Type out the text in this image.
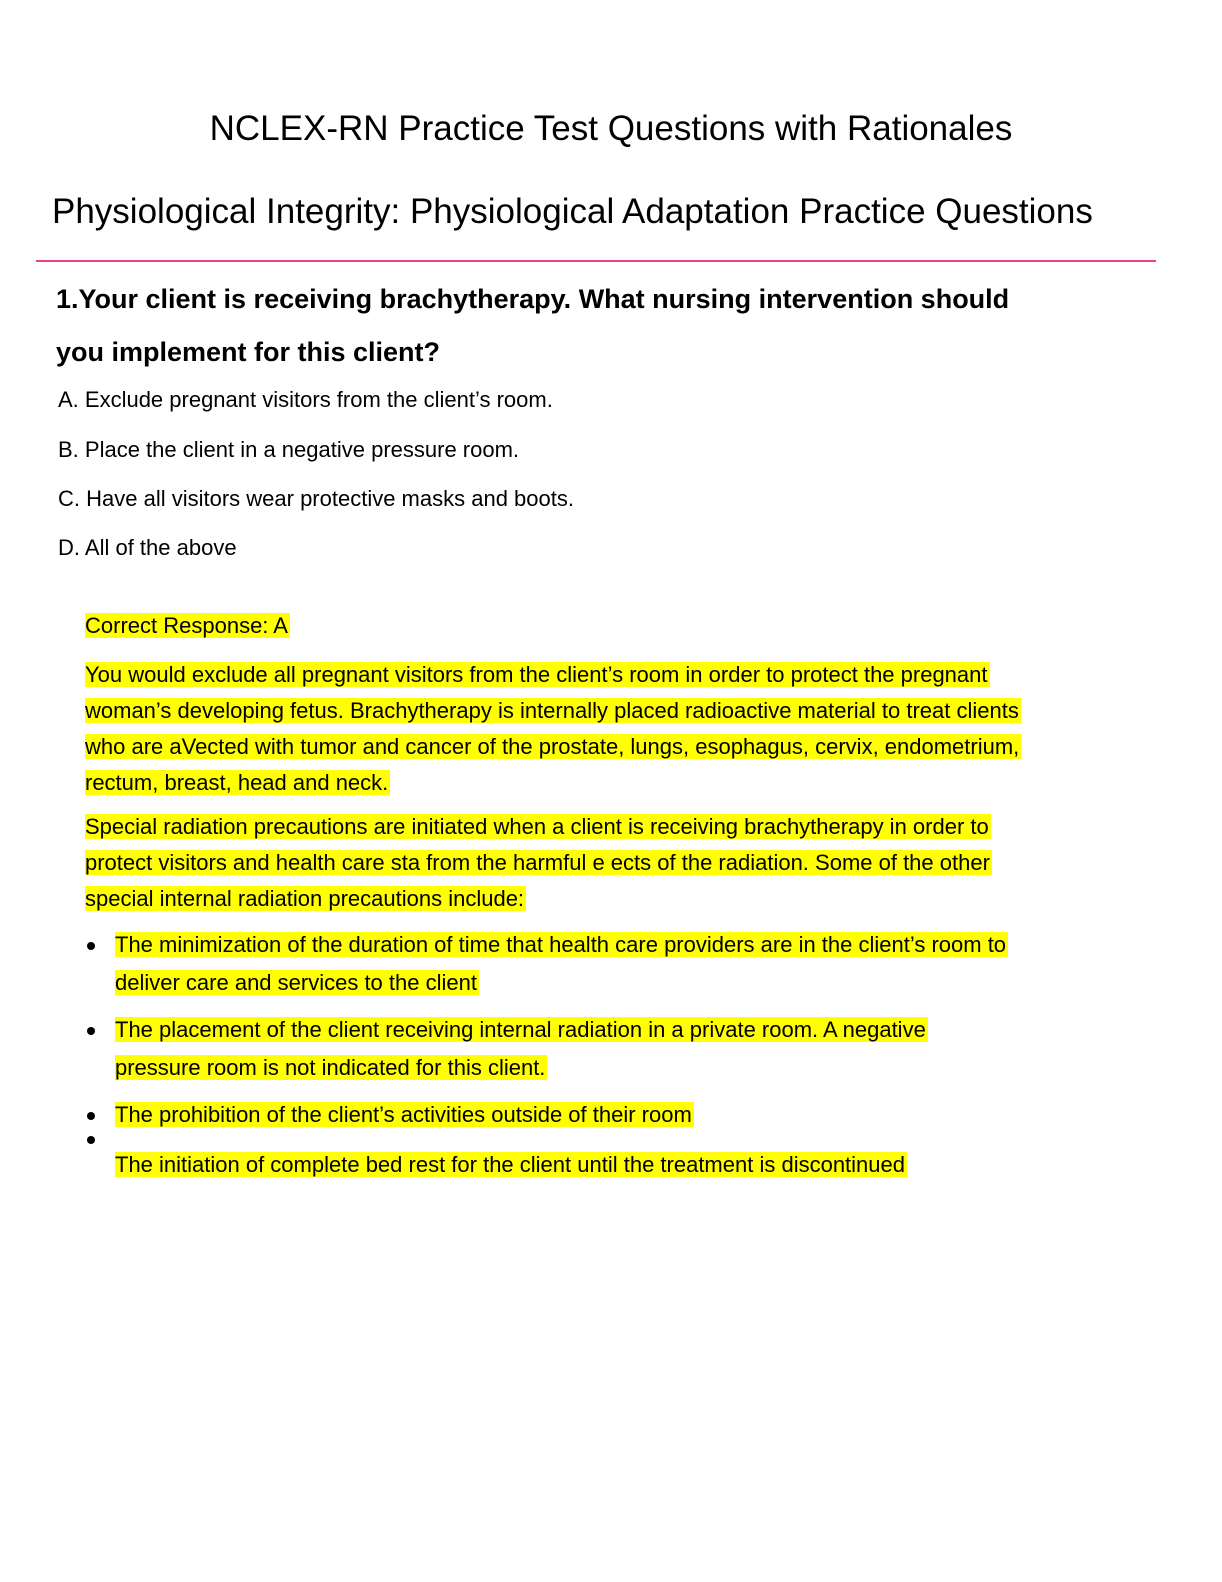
NCLEX-RN Practice Test Questions with Rationales
Physiological Integrity: Physiological Adaptation Practice Questions
1.Your client is receiving brachytherapy. What nursing intervention should
you implement for this client?
A. Exclude pregnant visitors from the client’s room.
B. Place the client in a negative pressure room.
C. Have all visitors wear protective masks and boots.
D. All of the above
Correct Response: A
You would exclude all pregnant visitors from the client’s room in order to protect the pregnant
woman’s developing fetus. Brachytherapy is internally placed radioactive material to treat clients
who are aVected with tumor and cancer of the prostate, lungs, esophagus, cervix, endometrium,
rectum, breast, head and neck.
Special radiation precautions are initiated when a client is receiving brachytherapy in order to
protect visitors and health care sta from the harmful e ects of the radiation. Some of the other
special internal radiation precautions include:
The minimization of the duration of time that health care providers are in the client’s room to
deliver care and services to the client
The placement of the client receiving internal radiation in a private room. A negative
pressure room is not indicated for this client.
The prohibition of the client’s activities outside of their room
The initiation of complete bed rest for the client until the treatment is discontinued
